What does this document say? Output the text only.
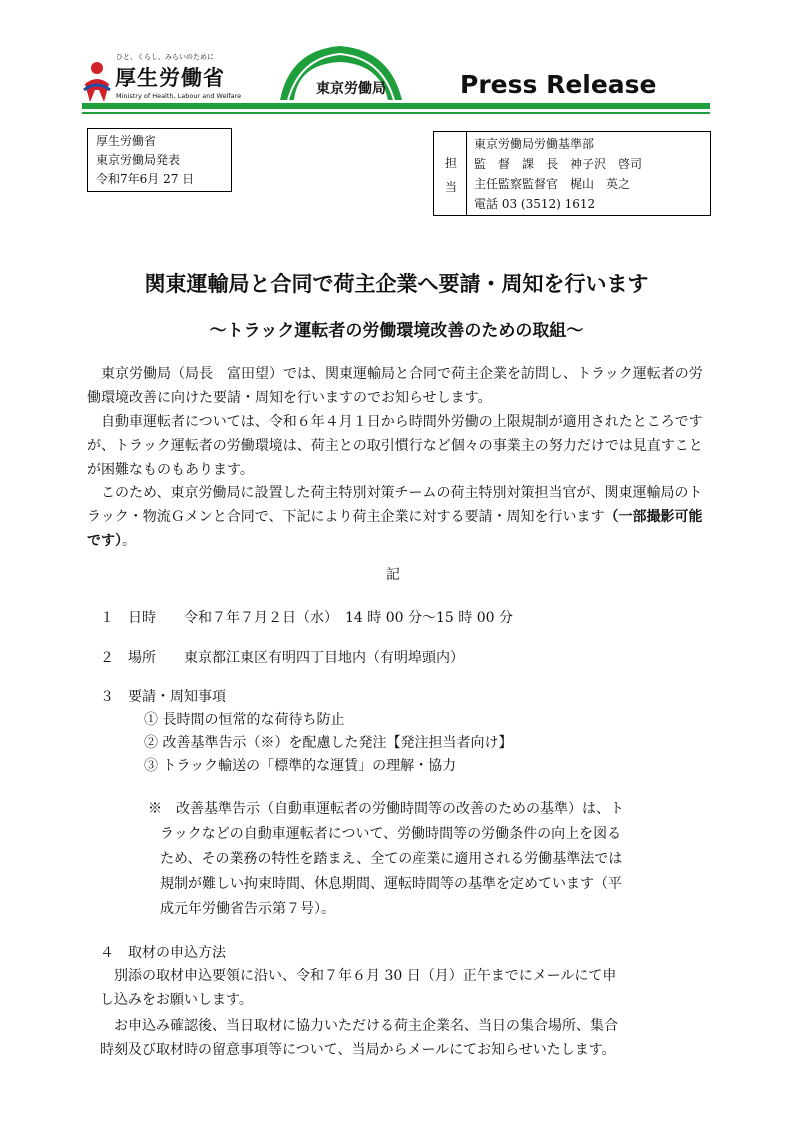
ひと、くらし、みらいのために
厚生労働省
Ministry of Health, Labour and Welfare	東京労働局	Press Release
厚生労働省
東京労働局発表
令和7年6月 27 日
担
当
東京労働局労働基準部
監　督　課　長　神子沢　啓司
主任監察監督官　梶山　英之
電話 03 (3512) 1612
関東運輸局と合同で荷主企業へ要請・周知を行います
～トラック運転者の労働環境改善のための取組～
　東京労働局（局長　富田望）では、関東運輸局と合同で荷主企業を訪問し、トラック運転者の労働環境改善に向けた要請・周知を行いますのでお知らせします。
　自動車運転者については、令和６年４月１日から時間外労働の上限規制が適用されたところですが、トラック運転者の労働環境は、荷主との取引慣行など個々の事業主の努力だけでは見直すことが困難なものもあります。
　このため、東京労働局に設置した荷主特別対策チームの荷主特別対策担当官が、関東運輸局のトラック・物流Ｇメンと合同で、下記により荷主企業に対する要請・周知を行います（一部撮影可能です）。
記
１　日時　　令和７年７月２日（水）　14 時 00 分～15 時 00 分
２　場所　　東京都江東区有明四丁目地内（有明埠頭内）
３　要請・周知事項
① 長時間の恒常的な荷待ち防止
② 改善基準告示（※）を配慮した発注【発注担当者向け】
③ トラック輸送の「標準的な運賃」の理解・協力
※　改善基準告示（自動車運転者の労働時間等の改善のための基準）は、ト
ラックなどの自動車運転者について、労働時間等の労働条件の向上を図る
ため、その業務の特性を踏まえ、全ての産業に適用される労働基準法では
規制が難しい拘束時間、休息期間、運転時間等の基準を定めています（平
成元年労働省告示第７号）。
４　取材の申込方法
　別添の取材申込要領に沿い、令和７年６月 30 日（月）正午までにメールにて申
し込みをお願いします。
　お申込み確認後、当日取材に協力いただける荷主企業名、当日の集合場所、集合
時刻及び取材時の留意事項等について、当局からメールにてお知らせいたします。
